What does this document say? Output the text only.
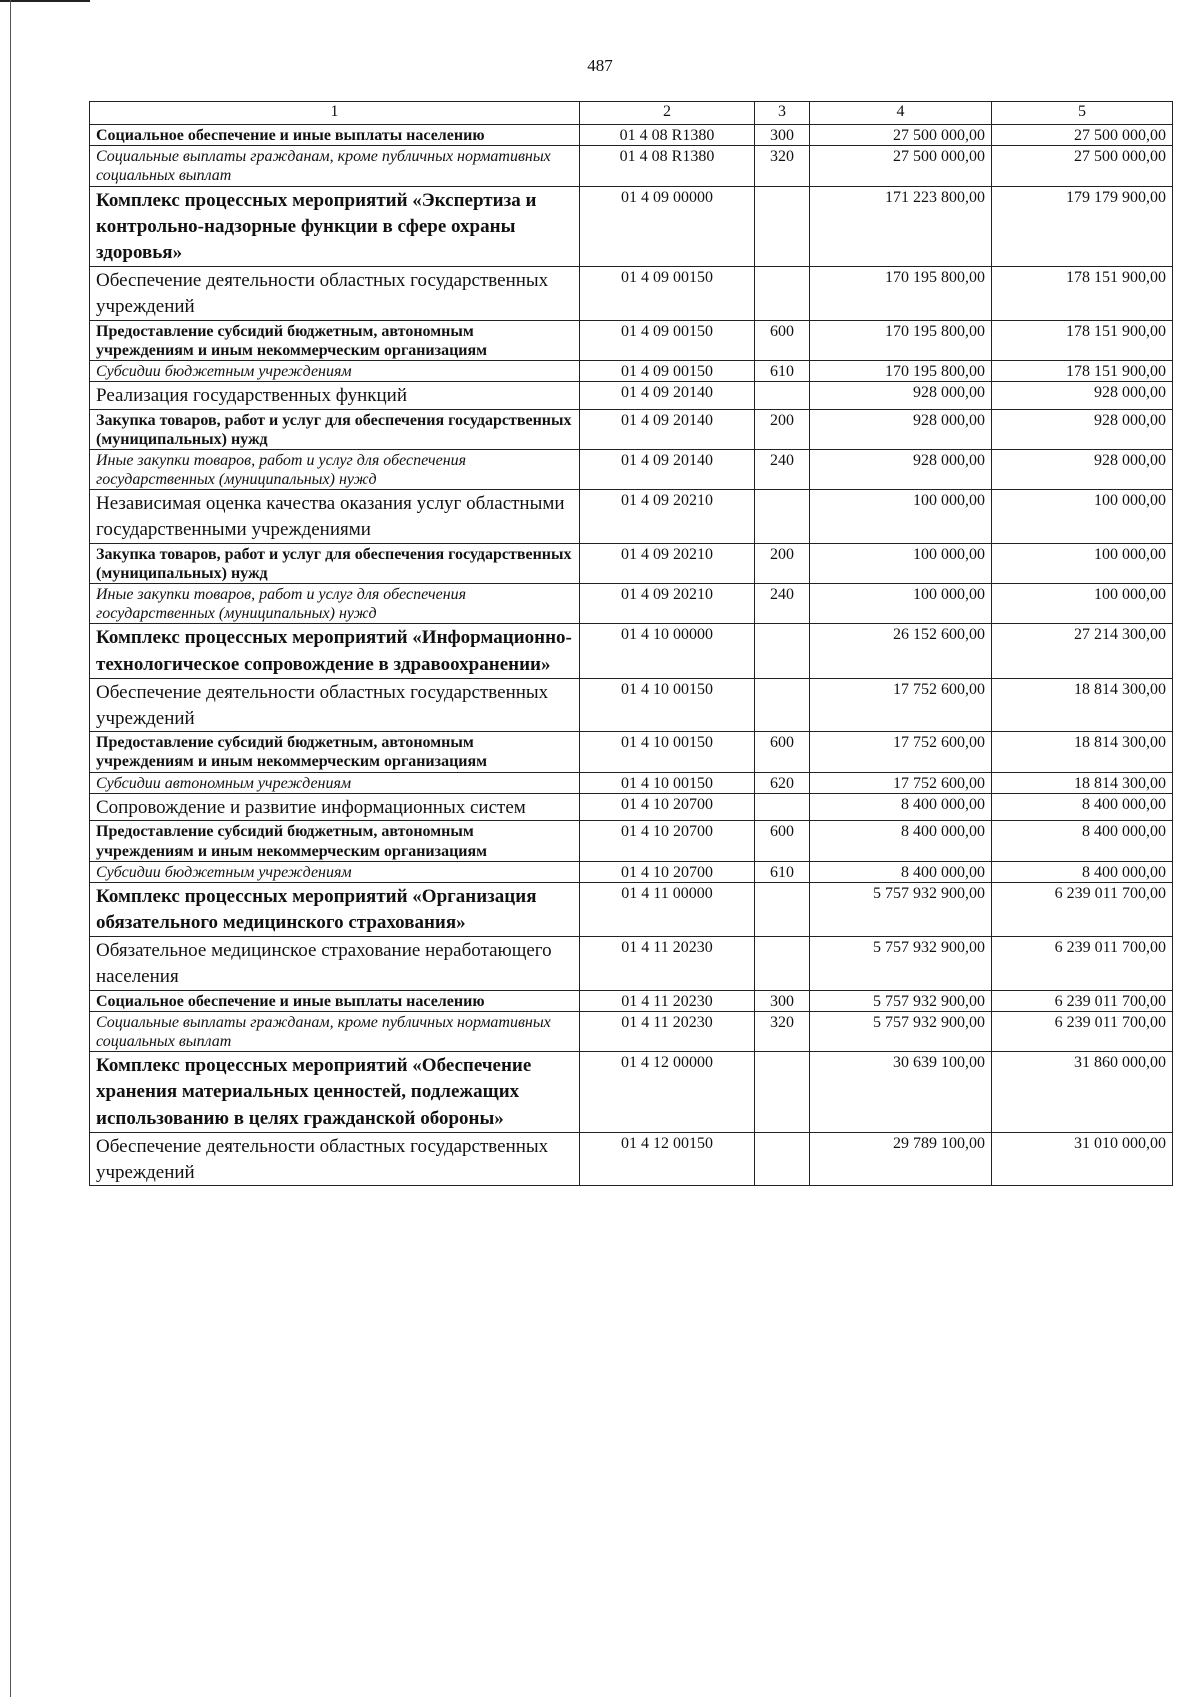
487
1	2	3	4	5
Социальное обеспечение и иные выплаты населению	01 4 08 R1380	300	27 500 000,00	27 500 000,00
Социальные выплаты гражданам, кроме публичных нормативных социальных выплат	01 4 08 R1380	320	27 500 000,00	27 500 000,00
Комплекс процессных мероприятий «Экспертиза и контрольно-надзорные функции в сфере охраны здоровья»	01 4 09 00000		171 223 800,00	179 179 900,00
Обеспечение деятельности областных государственных учреждений	01 4 09 00150		170 195 800,00	178 151 900,00
Предоставление субсидий бюджетным, автономным учреждениям и иным некоммерческим организациям	01 4 09 00150	600	170 195 800,00	178 151 900,00
Субсидии бюджетным учреждениям	01 4 09 00150	610	170 195 800,00	178 151 900,00
Реализация государственных функций	01 4 09 20140		928 000,00	928 000,00
Закупка товаров, работ и услуг для обеспечения государственных (муниципальных) нужд	01 4 09 20140	200	928 000,00	928 000,00
Иные закупки товаров, работ и услуг для обеспечения государственных (муниципальных) нужд	01 4 09 20140	240	928 000,00	928 000,00
Независимая оценка качества оказания услуг областными государственными учреждениями	01 4 09 20210		100 000,00	100 000,00
Закупка товаров, работ и услуг для обеспечения государственных (муниципальных) нужд	01 4 09 20210	200	100 000,00	100 000,00
Иные закупки товаров, работ и услуг для обеспечения государственных (муниципальных) нужд	01 4 09 20210	240	100 000,00	100 000,00
Комплекс процессных мероприятий «Информационно-технологическое сопровождение в здравоохранении»	01 4 10 00000		26 152 600,00	27 214 300,00
Обеспечение деятельности областных государственных учреждений	01 4 10 00150		17 752 600,00	18 814 300,00
Предоставление субсидий бюджетным, автономным учреждениям и иным некоммерческим организациям	01 4 10 00150	600	17 752 600,00	18 814 300,00
Субсидии автономным учреждениям	01 4 10 00150	620	17 752 600,00	18 814 300,00
Сопровождение и развитие информационных систем	01 4 10 20700		8 400 000,00	8 400 000,00
Предоставление субсидий бюджетным, автономным учреждениям и иным некоммерческим организациям	01 4 10 20700	600	8 400 000,00	8 400 000,00
Субсидии бюджетным учреждениям	01 4 10 20700	610	8 400 000,00	8 400 000,00
Комплекс процессных мероприятий «Организация обязательного медицинского страхования»	01 4 11 00000		5 757 932 900,00	6 239 011 700,00
Обязательное медицинское страхование неработающего населения	01 4 11 20230		5 757 932 900,00	6 239 011 700,00
Социальное обеспечение и иные выплаты населению	01 4 11 20230	300	5 757 932 900,00	6 239 011 700,00
Социальные выплаты гражданам, кроме публичных нормативных социальных выплат	01 4 11 20230	320	5 757 932 900,00	6 239 011 700,00
Комплекс процессных мероприятий «Обеспечение хранения материальных ценностей, подлежащих использованию в целях гражданской обороны»	01 4 12 00000		30 639 100,00	31 860 000,00
Обеспечение деятельности областных государственных учреждений	01 4 12 00150		29 789 100,00	31 010 000,00
